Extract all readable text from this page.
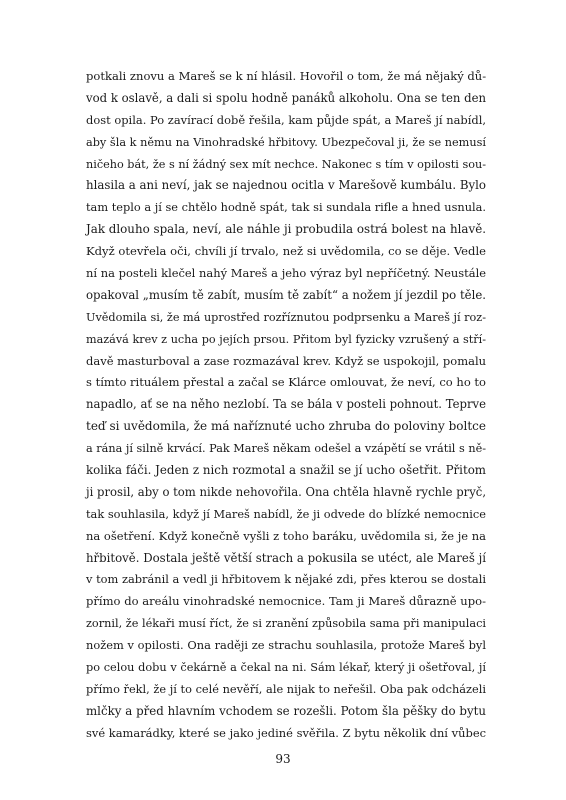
potkali znovu a Mareš se k ní hlásil. Hovořil o tom, že má nějaký dů-
vod k oslavě, a dali si spolu hodně panáků alkoholu. Ona se ten den
dost opila. Po zavírací době řešila, kam půjde spát, a Mareš jí nabídl,
aby šla k němu na Vinohradské hřbitovy. Ubezpečoval ji, že se nemusí
ničeho bát, že s ní žádný sex mít nechce. Nakonec s tím v opilosti sou-
hlasila a ani neví, jak se najednou ocitla v Marešově kumbálu. Bylo
tam teplo a jí se chtělo hodně spát, tak si sundala rifle a hned usnula.
Jak dlouho spala, neví, ale náhle ji probudila ostrá bolest na hlavě.
Když otevřela oči, chvíli jí trvalo, než si uvědomila, co se děje. Vedle
ní na posteli klečel nahý Mareš a jeho výraz byl nepříčetný. Neustále
opakoval „musím tě zabít, musím tě zabít“ a nožem jí jezdil po těle.
Uvědomila si, že má uprostřed rozříznutou podprsenku a Mareš jí roz-
mazává krev z ucha po jejích prsou. Přitom byl fyzicky vzrušený a stří-
davě masturboval a zase rozmazával krev. Když se uspokojil, pomalu
s tímto rituálem přestal a začal se Klárce omlouvat, že neví, co ho to
napadlo, ať se na něho nezlobí. Ta se bála v posteli pohnout. Teprve
teď si uvědomila, že má naříznuté ucho zhruba do poloviny boltce
a rána jí silně krvácí. Pak Mareš někam odešel a vzápětí se vrátil s ně-
kolika fáči. Jeden z nich rozmotal a snažil se jí ucho ošetřit. Přitom
ji prosil, aby o tom nikde nehovořila. Ona chtěla hlavně rychle pryč,
tak souhlasila, když jí Mareš nabídl, že ji odvede do blízké nemocnice
na ošetření. Když konečně vyšli z toho baráku, uvědomila si, že je na
hřbitově. Dostala ještě větší strach a pokusila se utéct, ale Mareš jí
v tom zabránil a vedl ji hřbitovem k nějaké zdi, přes kterou se dostali
přímo do areálu vinohradské nemocnice. Tam ji Mareš důrazně upo-
zornil, že lékaři musí říct, že si zranění způsobila sama při manipulaci
nožem v opilosti. Ona raději ze strachu souhlasila, protože Mareš byl
po celou dobu v čekárně a čekal na ni. Sám lékař, který ji ošetřoval, jí
přímo řekl, že jí to celé nevěří, ale nijak to neřešil. Oba pak odcházeli
mlčky a před hlavním vchodem se rozešli. Potom šla pěšky do bytu
své kamarádky, které se jako jediné svěřila. Z bytu několik dní vůbec
93
